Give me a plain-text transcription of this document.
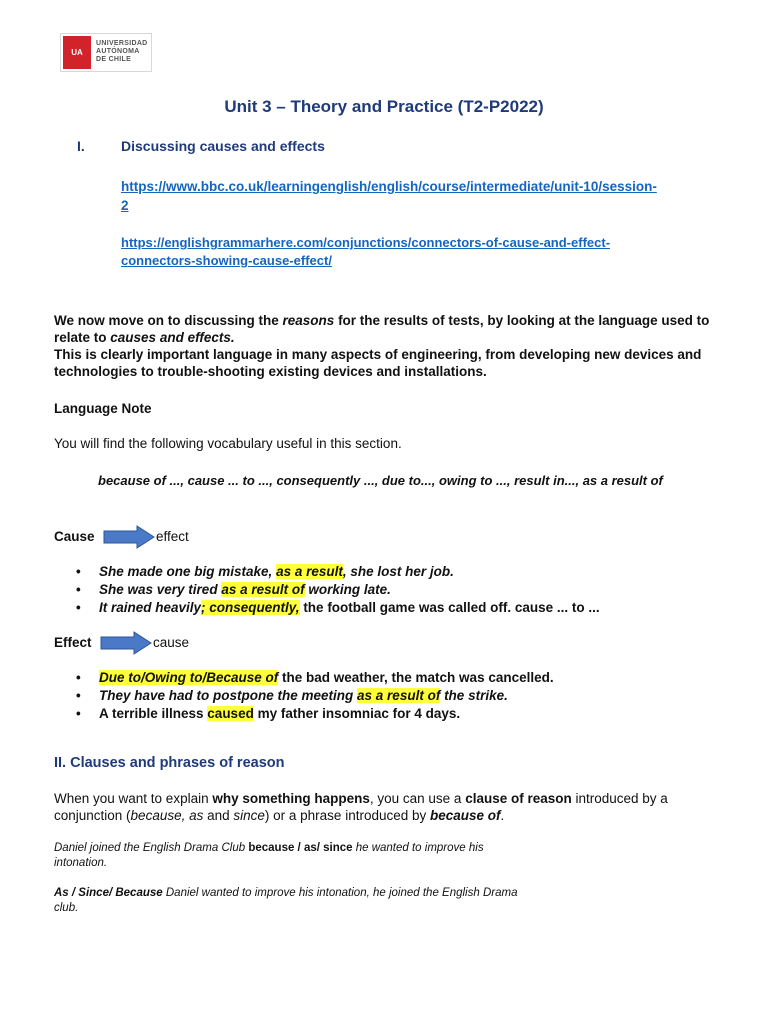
UA
UNIVERSIDAD
AUTÓNOMA
DE CHILE
Unit 3 – Theory and Practice (T2-P2022)
I.	Discussing causes and effects
https://www.bbc.co.uk/learningenglish/english/course/intermediate/unit-10/session-2
https://englishgrammarhere.com/conjunctions/connectors-of-cause-and-effect-connectors-showing-cause-effect/
We now move on to discussing the reasons for the results of tests, by looking at the language used to relate to causes and effects.
This is clearly important language in many aspects of engineering, from developing new devices and technologies to trouble-shooting existing devices and installations.
Language Note
You will find the following vocabulary useful in this section.
because of ..., cause ... to ..., consequently ..., due to..., owing to ..., result in..., as a result of
Cause	effect
• She made one big mistake, as a result, she lost her job.
• She was very tired as a result of working late.
• It rained heavily; consequently, the football game was called off. cause ... to ...
Effect	cause
• Due to/Owing to/Because of the bad weather, the match was cancelled.
• They have had to postpone the meeting as a result of the strike.
• A terrible illness caused my father insomniac for 4 days.
II. Clauses and phrases of reason
When you want to explain why something happens, you can use a clause of reason introduced by a conjunction (because, as and since) or a phrase introduced by because of.
Daniel joined the English Drama Club because / as/ since he wanted to improve his intonation.
As / Since/ Because Daniel wanted to improve his intonation, he joined the English Drama club.
